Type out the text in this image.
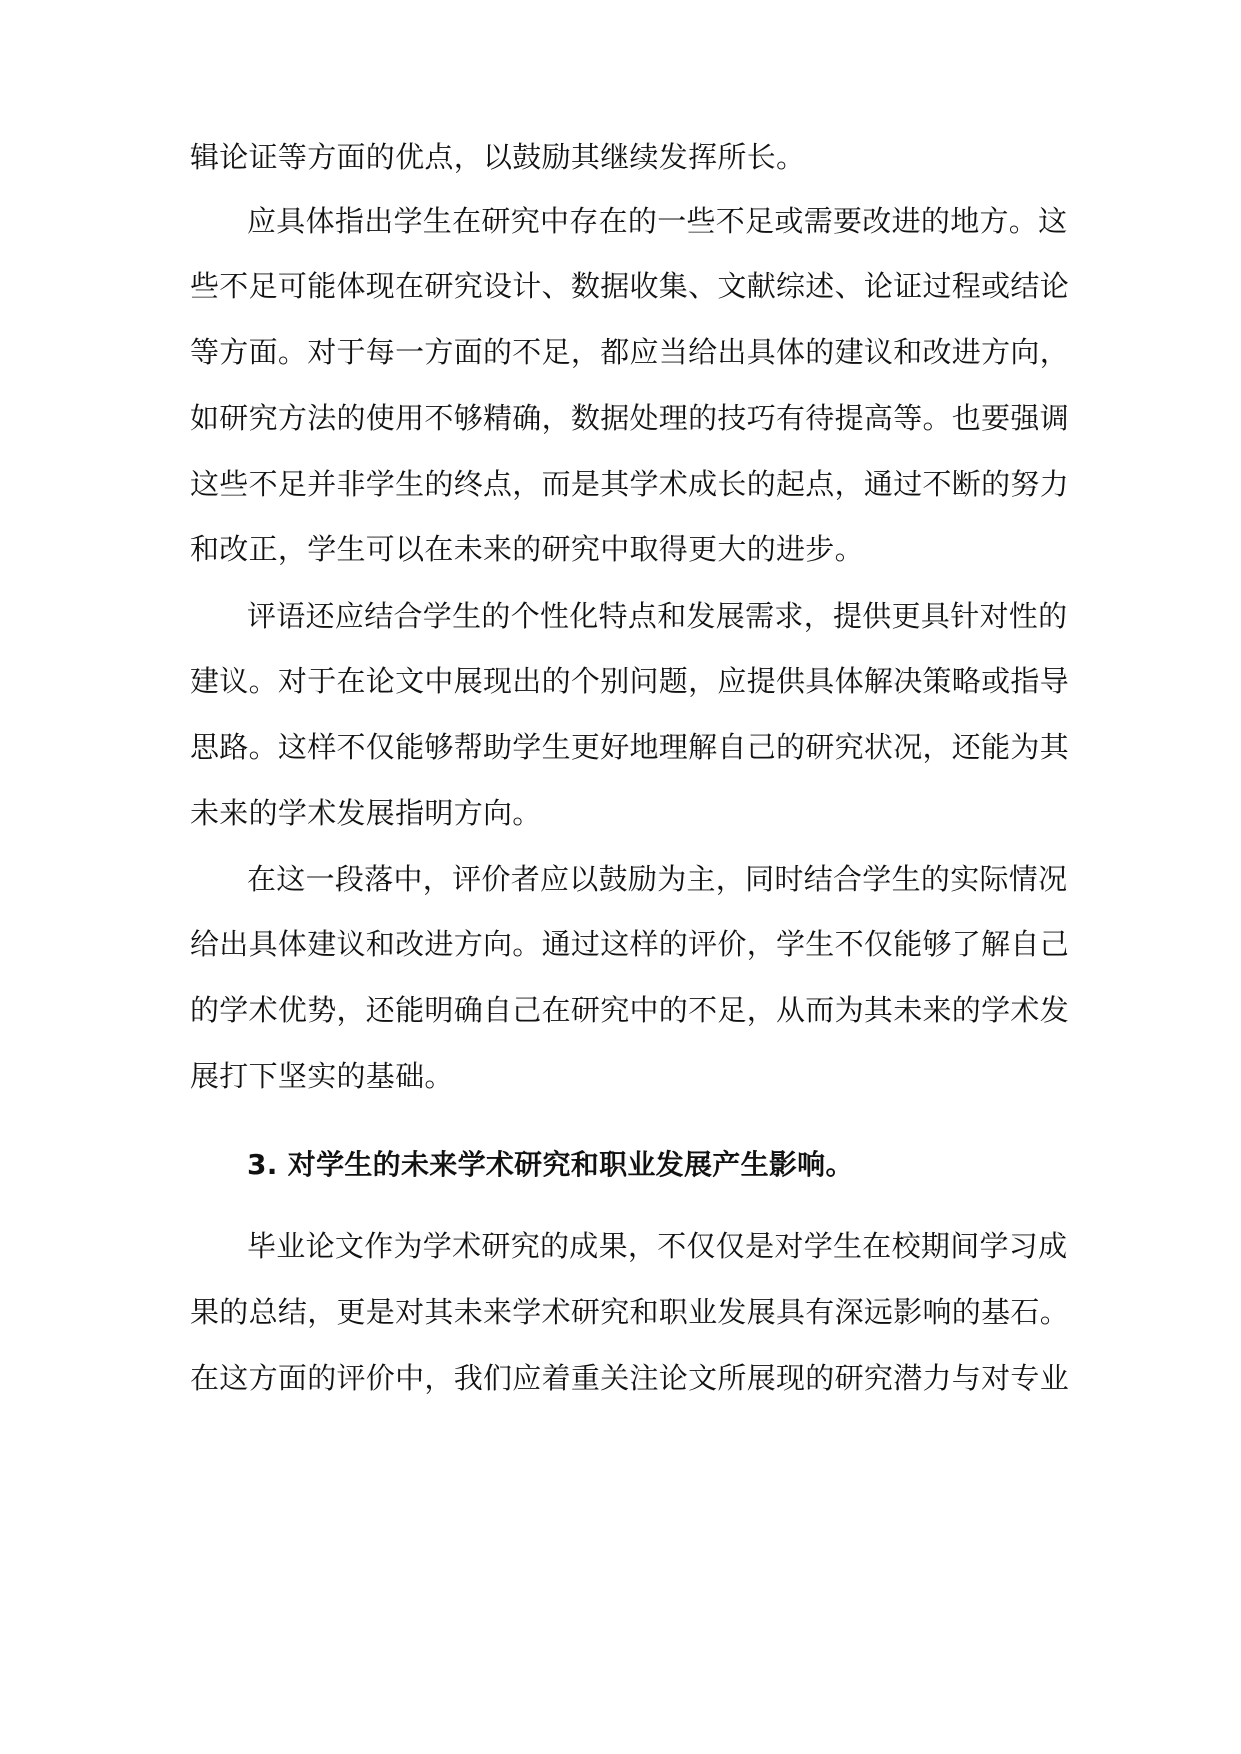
辑论证等方面的优点，以鼓励其继续发挥所长。
应具体指出学生在研究中存在的一些不足或需要改进的地方。这
些不足可能体现在研究设计、数据收集、文献综述、论证过程或结论
等方面。对于每一方面的不足，都应当给出具体的建议和改进方向，
如研究方法的使用不够精确，数据处理的技巧有待提高等。也要强调
这些不足并非学生的终点，而是其学术成长的起点，通过不断的努力
和改正，学生可以在未来的研究中取得更大的进步。
评语还应结合学生的个性化特点和发展需求，提供更具针对性的
建议。对于在论文中展现出的个别问题，应提供具体解决策略或指导
思路。这样不仅能够帮助学生更好地理解自己的研究状况，还能为其
未来的学术发展指明方向。
在这一段落中，评价者应以鼓励为主，同时结合学生的实际情况
给出具体建议和改进方向。通过这样的评价，学生不仅能够了解自己
的学术优势，还能明确自己在研究中的不足，从而为其未来的学术发
展打下坚实的基础。
3. 对学生的未来学术研究和职业发展产生影响。
毕业论文作为学术研究的成果，不仅仅是对学生在校期间学习成
果的总结，更是对其未来学术研究和职业发展具有深远影响的基石。
在这方面的评价中，我们应着重关注论文所展现的研究潜力与对专业
